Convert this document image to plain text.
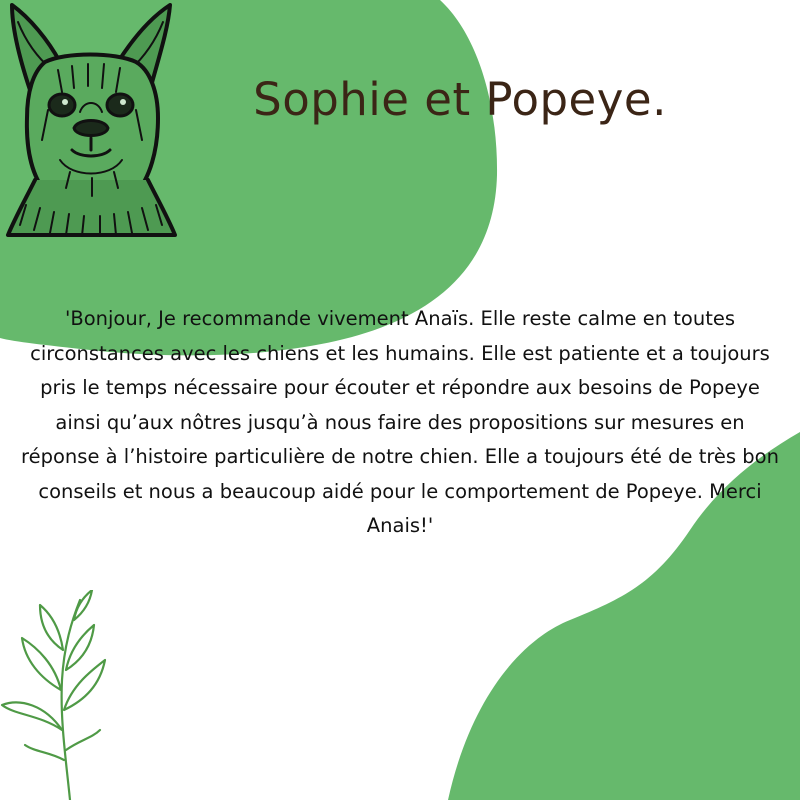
Sophie et Popeye.

'Bonjour, Je recommande vivement Anaïs. Elle reste calme en toutes circonstances avec les chiens et les humains. Elle est patiente et a toujours pris le temps nécessaire pour écouter et répondre aux besoins de Popeye ainsi qu’aux nôtres jusqu’à nous faire des propositions sur mesures en réponse à l’histoire particulière de notre chien. Elle a toujours été de très bon conseils et nous a beaucoup aidé pour le comportement de Popeye. Merci Anais!'
